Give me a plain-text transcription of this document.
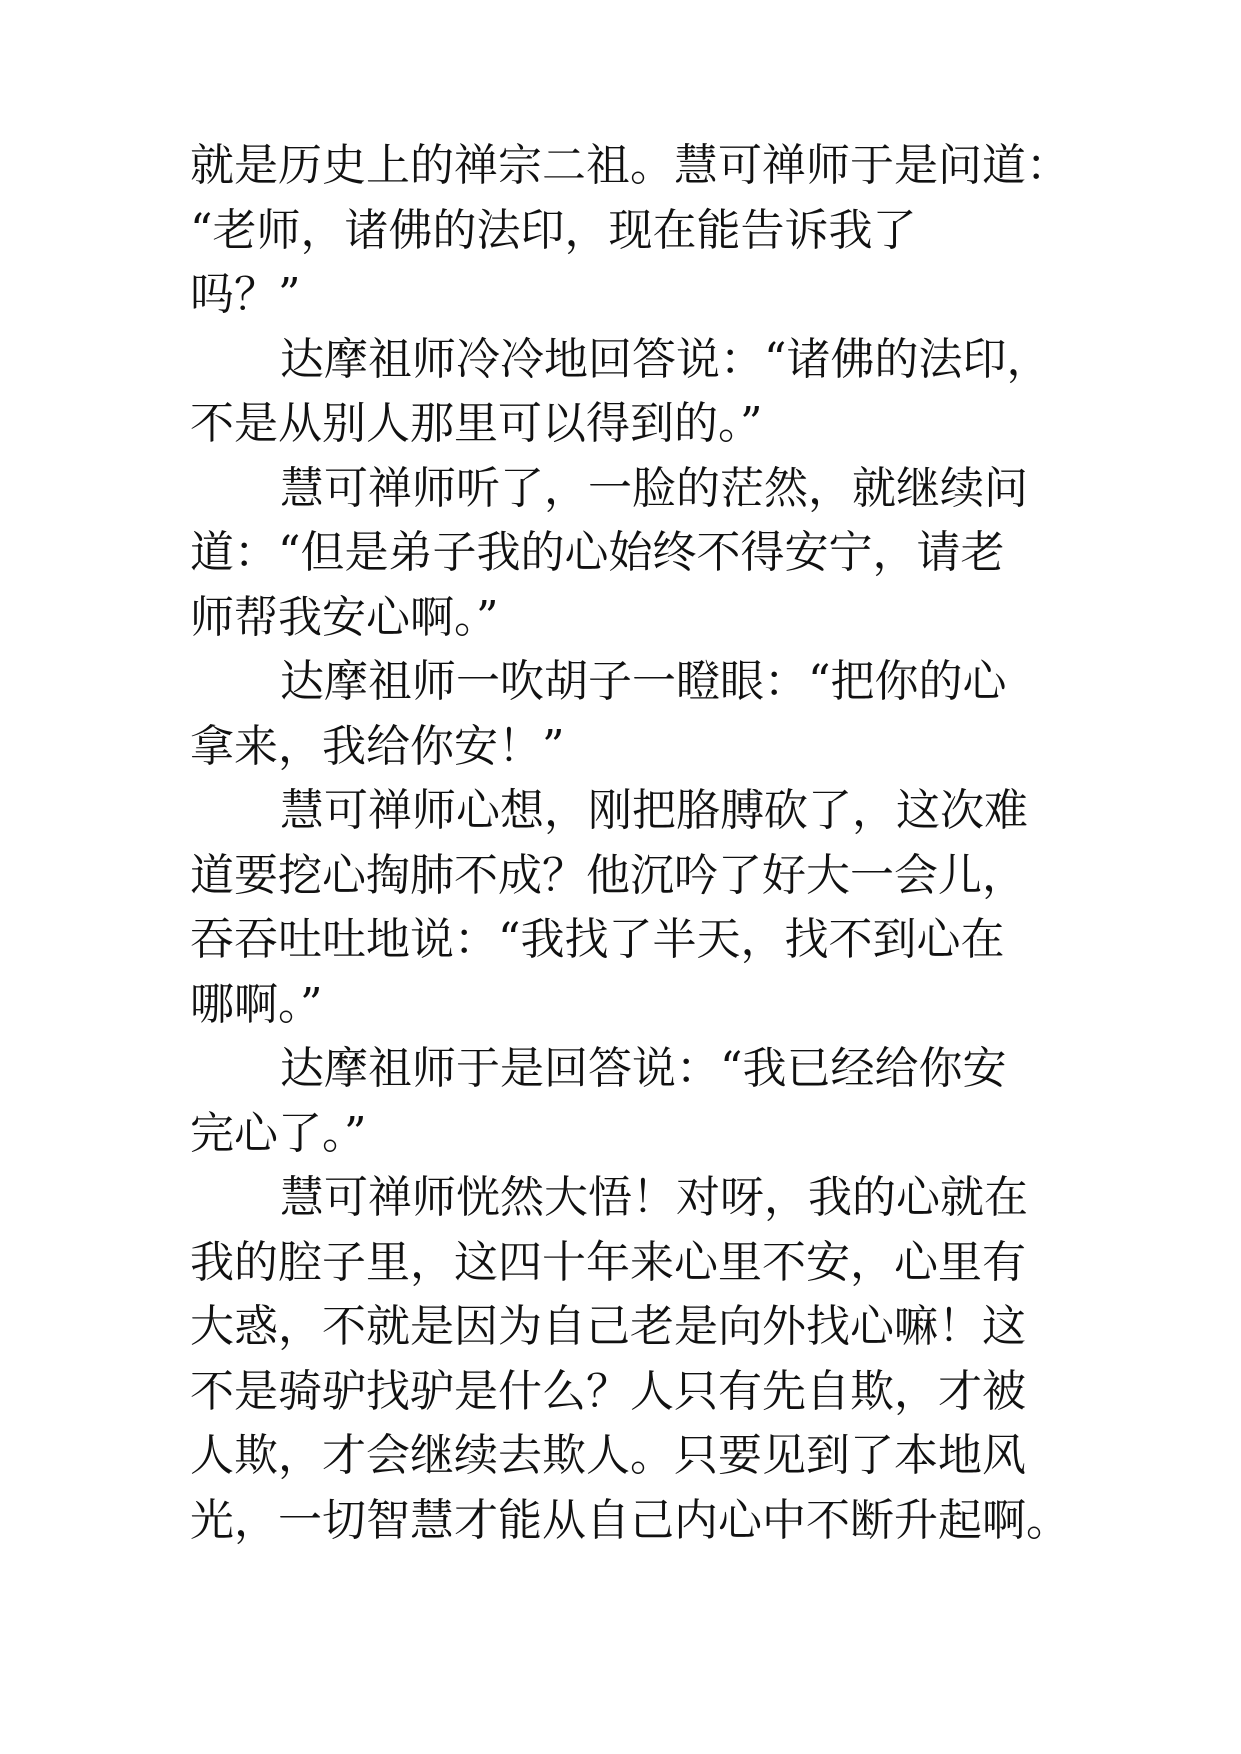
就是历史上的禅宗二祖。慧可禅师于是问道：
“老师，诸佛的法印，现在能告诉我了
吗？”
达摩祖师冷冷地回答说：“诸佛的法印，
不是从别人那里可以得到的。”
慧可禅师听了，一脸的茫然，就继续问
道：“但是弟子我的心始终不得安宁，请老
师帮我安心啊。”
达摩祖师一吹胡子一瞪眼：“把你的心
拿来，我给你安！”
慧可禅师心想，刚把胳膊砍了，这次难
道要挖心掏肺不成？他沉吟了好大一会儿，
吞吞吐吐地说：“我找了半天，找不到心在
哪啊。”
达摩祖师于是回答说：“我已经给你安
完心了。”
慧可禅师恍然大悟！对呀，我的心就在
我的腔子里，这四十年来心里不安，心里有
大惑，不就是因为自己老是向外找心嘛！这
不是骑驴找驴是什么？人只有先自欺，才被
人欺，才会继续去欺人。只要见到了本地风
光，一切智慧才能从自己内心中不断升起啊。
